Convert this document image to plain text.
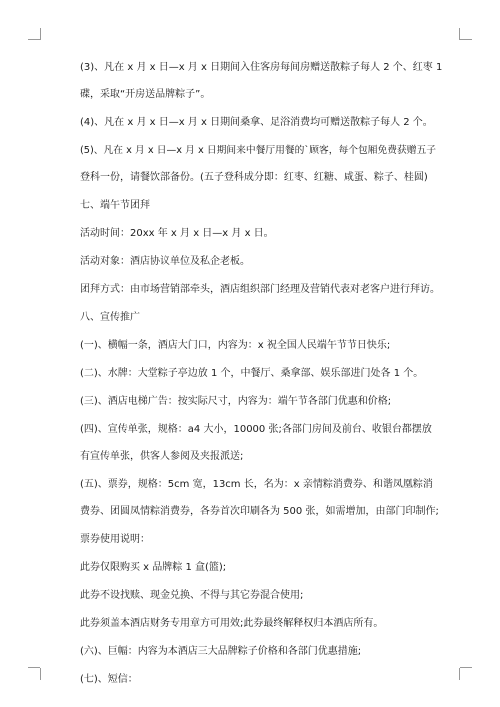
(3)、凡在 x 月 x 日—x 月 x 日期间入住客房每间房赠送散粽子每人 2 个、红枣 1

碟，采取“开房送品牌粽子”。

(4)、凡在 x 月 x 日—x 月 x 日期间桑拿、足浴消费均可赠送散粽子每人 2 个。

(5)、凡在 x 月 x 日—x 月 x 日期间来中餐厅用餐的`顾客，每个包厢免费获赠五子

登科一份，请餐饮部备份。(五子登科成分即：红枣、红糖、咸蛋、粽子、桂圆)

七、端午节团拜

活动时间：20xx 年 x 月 x 日—x 月 x 日。

活动对象：酒店协议单位及私企老板。

团拜方式：由市场营销部牵头，酒店组织部门经理及营销代表对老客户进行拜访。

八、宣传推广

(一)、横幅一条，酒店大门口，内容为：x 祝全国人民端午节节日快乐;

(二)、水牌：大堂粽子亭边放 1 个，中餐厅、桑拿部、娱乐部进门处各 1 个。

(三)、酒店电梯广告：按实际尺寸，内容为：端午节各部门优惠和价格;

(四)、宣传单张，规格：a4 大小，10000 张;各部门房间及前台、收银台都摆放

有宣传单张，供客人参阅及夹报派送;

(五)、票券，规格：5cm 宽，13cm 长，名为：x 亲情粽消费券、和谐凤凰粽消

费券、团圆凤情粽消费券，各券首次印刷各为 500 张，如需增加，由部门印制作;

票券使用说明：

此券仅限购买 x 品牌粽 1 盒(篮);

此券不设找赎、现金兑换、不得与其它券混合使用;

此券须盖本酒店财务专用章方可用效;此券最终解释权归本酒店所有。

(六)、巨幅：内容为本酒店三大品牌粽子价格和各部门优惠措施;

(七)、短信：
